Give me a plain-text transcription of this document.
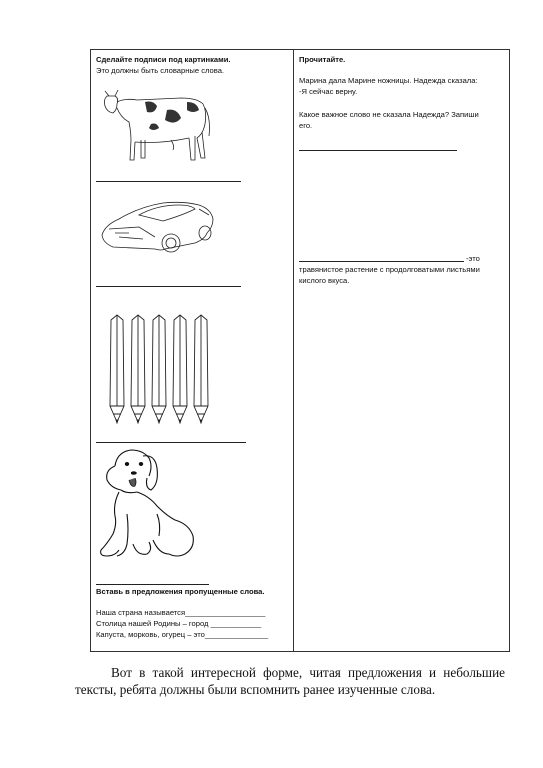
Сделайте подписи под картинками.
Это должны быть словарные слова.
Вставь в предложения пропущенные слова.
Наша страна называется___________________
Столица нашей Родины – город ____________
Капуста, морковь, огурец – это_______________
Прочитайте.
Марина дала Марине ножницы. Надежда сказала:
-Я сейчас верну.
Какое важное слово не сказала Надежда? Запиши
его.
-это
травянистое растение с продолговатыми листьями
кислого вкуса.
Вот в такой интересной форме, читая предложения и небольшие
тексты, ребята должны были вспомнить ранее изученные слова.
